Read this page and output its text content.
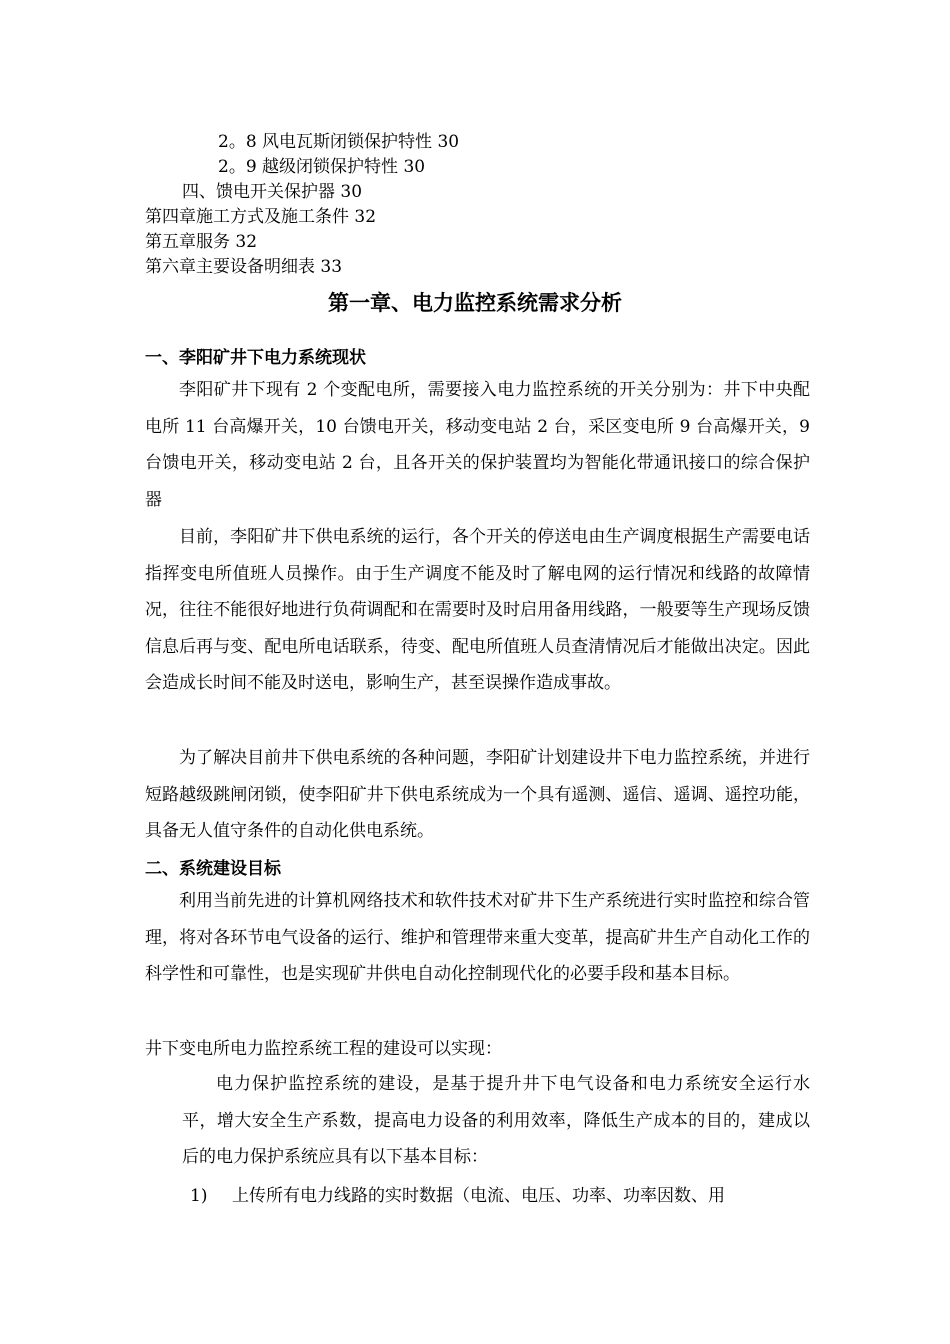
2。8 风电瓦斯闭锁保护特性 30
2。9 越级闭锁保护特性 30
四、馈电开关保护器 30
第四章施工方式及施工条件 32
第五章服务 32
第六章主要设备明细表 33
第一章、电力监控系统需求分析
一、李阳矿井下电力系统现状

李阳矿井下现有 2 个变配电所，需要接入电力监控系统的开关分别为：井下中央配电所 11 台高爆开关，10 台馈电开关，移动变电站 2 台，采区变电所 9 台高爆开关，9 台馈电开关，移动变电站 2 台，且各开关的保护装置均为智能化带通讯接口的综合保护器

目前，李阳矿井下供电系统的运行，各个开关的停送电由生产调度根据生产需要电话指挥变电所值班人员操作。由于生产调度不能及时了解电网的运行情况和线路的故障情况，往往不能很好地进行负荷调配和在需要时及时启用备用线路，一般要等生产现场反馈信息后再与变、配电所电话联系，待变、配电所值班人员查清情况后才能做出决定。因此会造成长时间不能及时送电，影响生产，甚至误操作造成事故。

为了解决目前井下供电系统的各种问题，李阳矿计划建设井下电力监控系统，并进行短路越级跳闸闭锁，使李阳矿井下供电系统成为一个具有遥测、遥信、遥调、遥控功能，具备无人值守条件的自动化供电系统。

二、系统建设目标

利用当前先进的计算机网络技术和软件技术对矿井下生产系统进行实时监控和综合管理，将对各环节电气设备的运行、维护和管理带来重大变革，提高矿井生产自动化工作的科学性和可靠性，也是实现矿井供电自动化控制现代化的必要手段和基本目标。

井下变电所电力监控系统工程的建设可以实现：

电力保护监控系统的建设，是基于提升井下电气设备和电力系统安全运行水平，增大安全生产系数，提高电力设备的利用效率，降低生产成本的目的，建成以后的电力保护系统应具有以下基本目标：

1) 上传所有电力线路的实时数据（电流、电压、功率、功率因数、用
